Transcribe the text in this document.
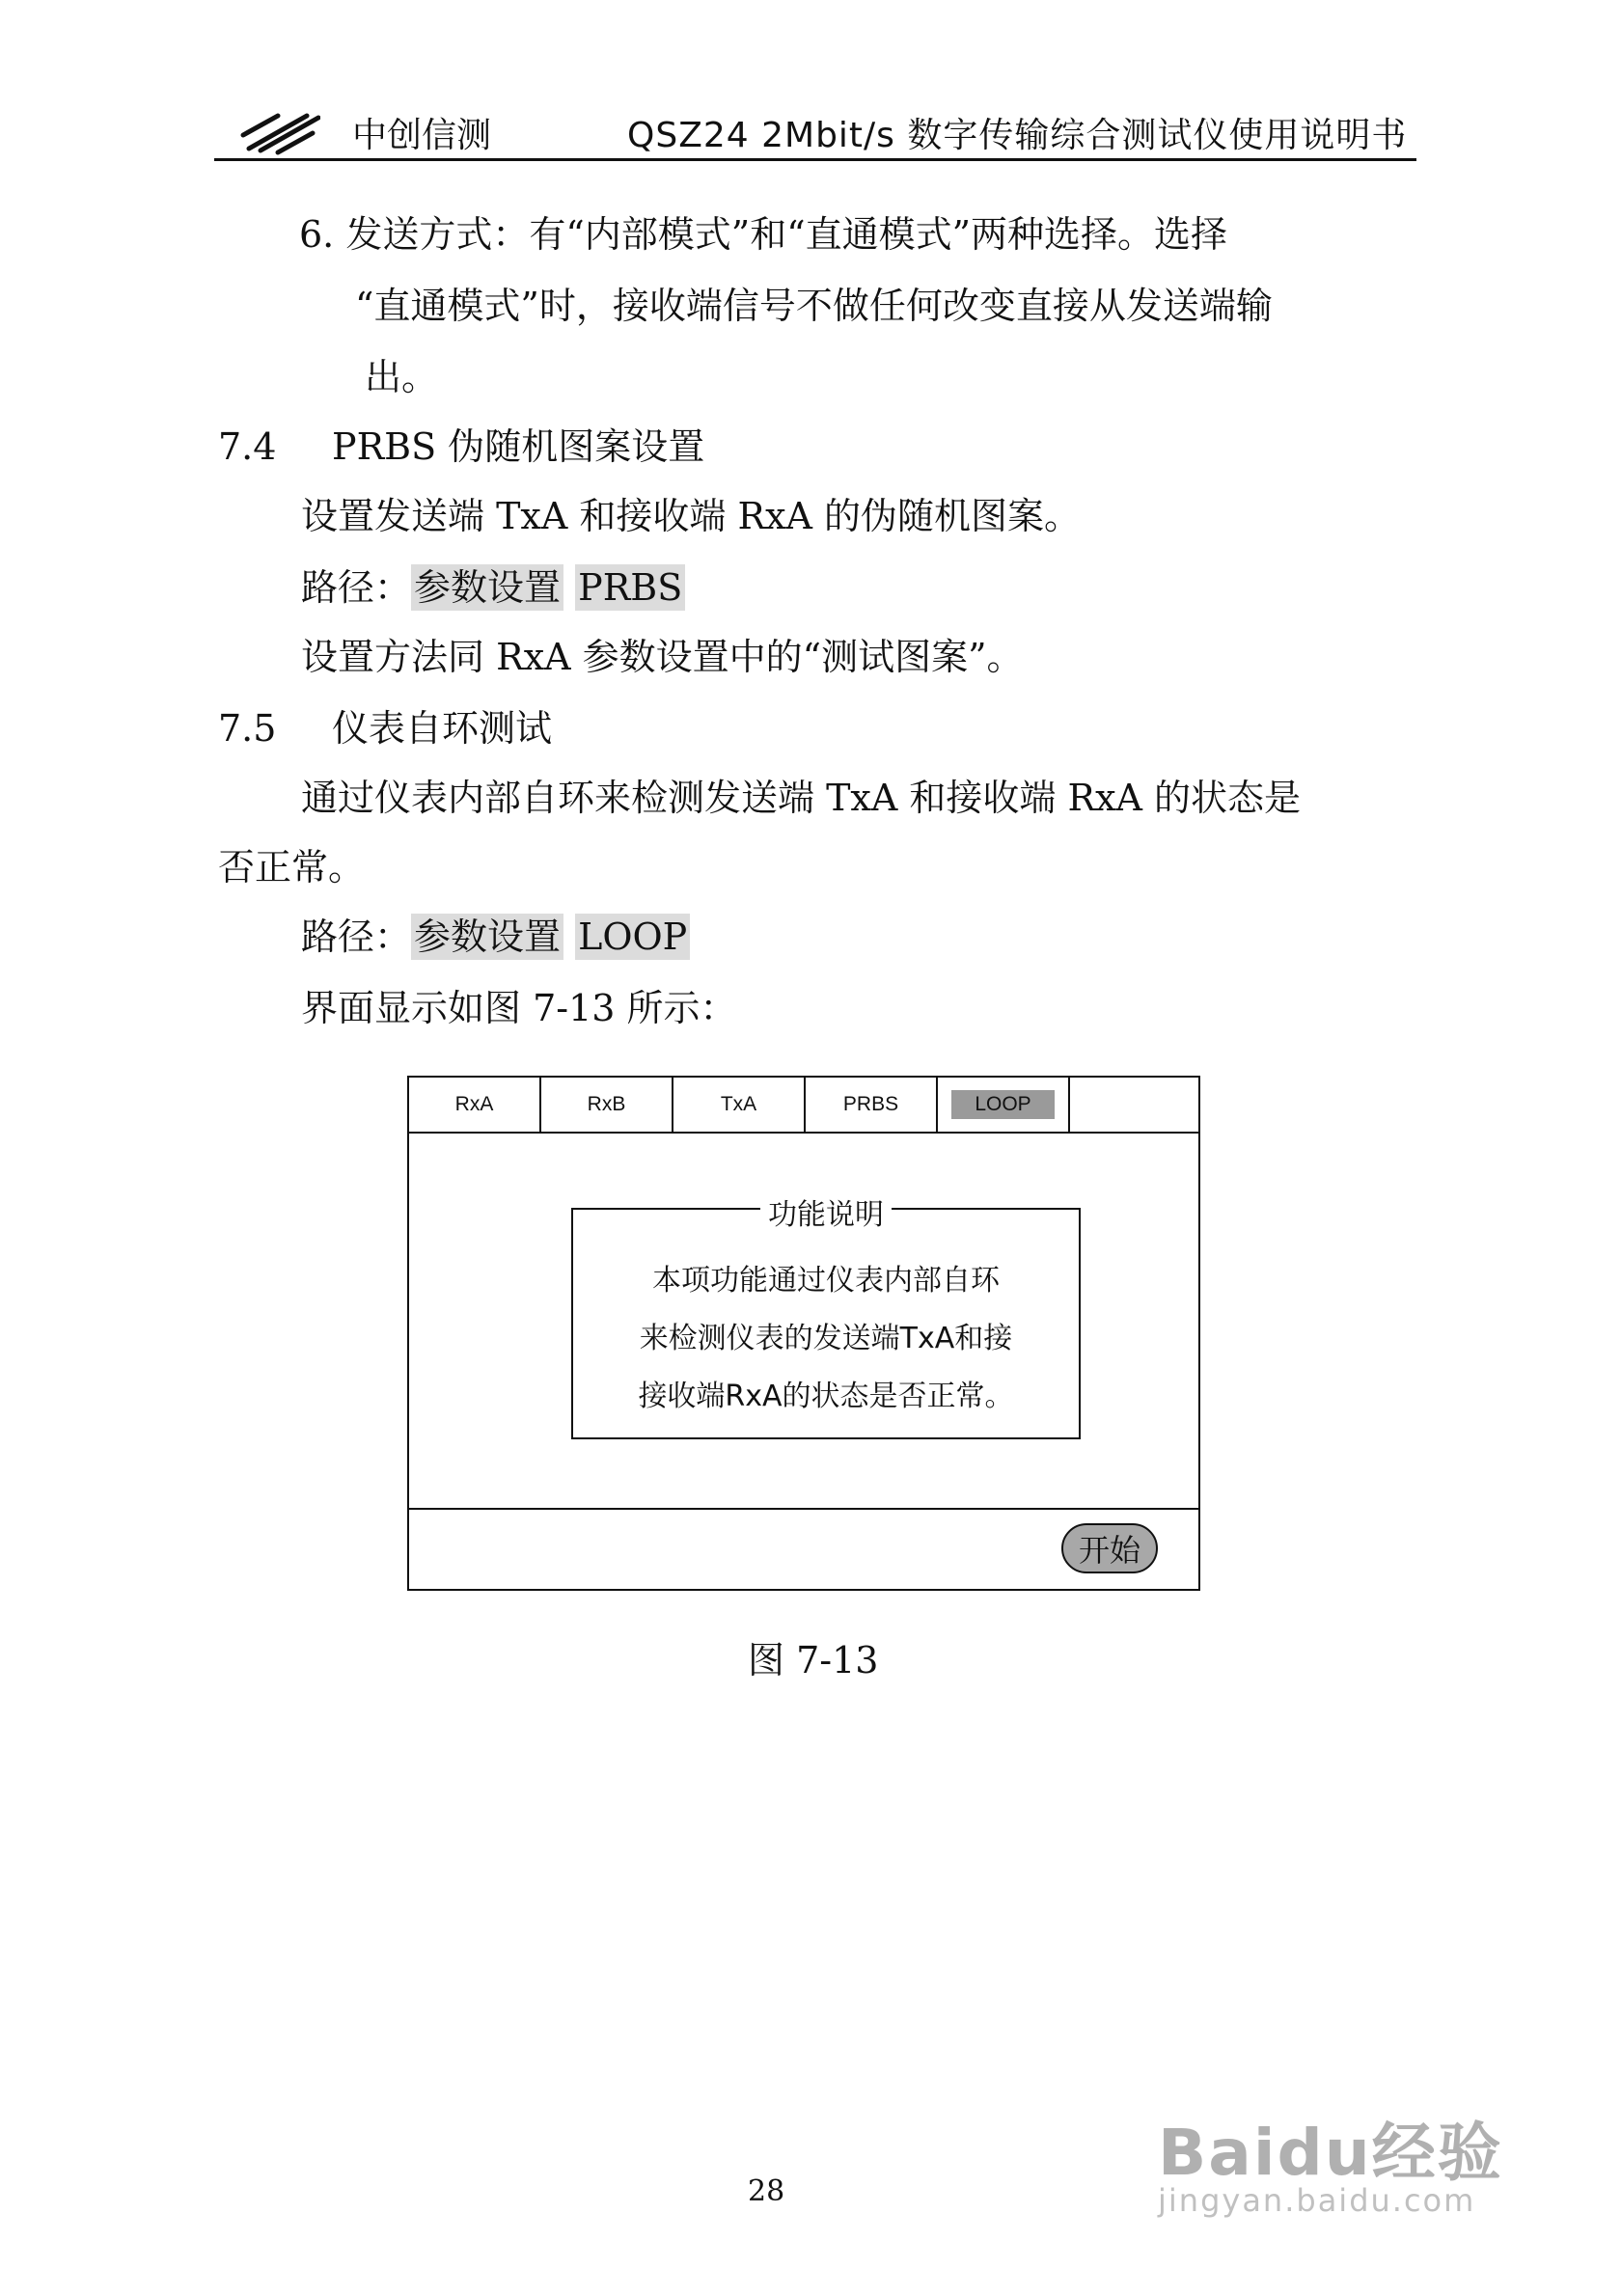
中创信测	QSZ24 2Mbit/s 数字传输综合测试仪使用说明书
6. 发送方式：有“内部模式”和“直通模式”两种选择。选择
“直通模式”时，接收端信号不做任何改变直接从发送端输
出。
7.4 PRBS 伪随机图案设置
设置发送端 TxA 和接收端 RxA 的伪随机图案。
路径：参数设置 PRBS
设置方法同 RxA 参数设置中的“测试图案”。
7.5 仪表自环测试
通过仪表内部自环来检测发送端 TxA 和接收端 RxA 的状态是
否正常。
路径：参数设置 LOOP
界面显示如图 7-13 所示：
RxA	RxB	TxA	PRBS	LOOP
功能说明
本项功能通过仪表内部自环
来检测仪表的发送端TxA和接
接收端RxA的状态是否正常。
开始
图 7-13
28
Baidu经验
jingyan.baidu.com
